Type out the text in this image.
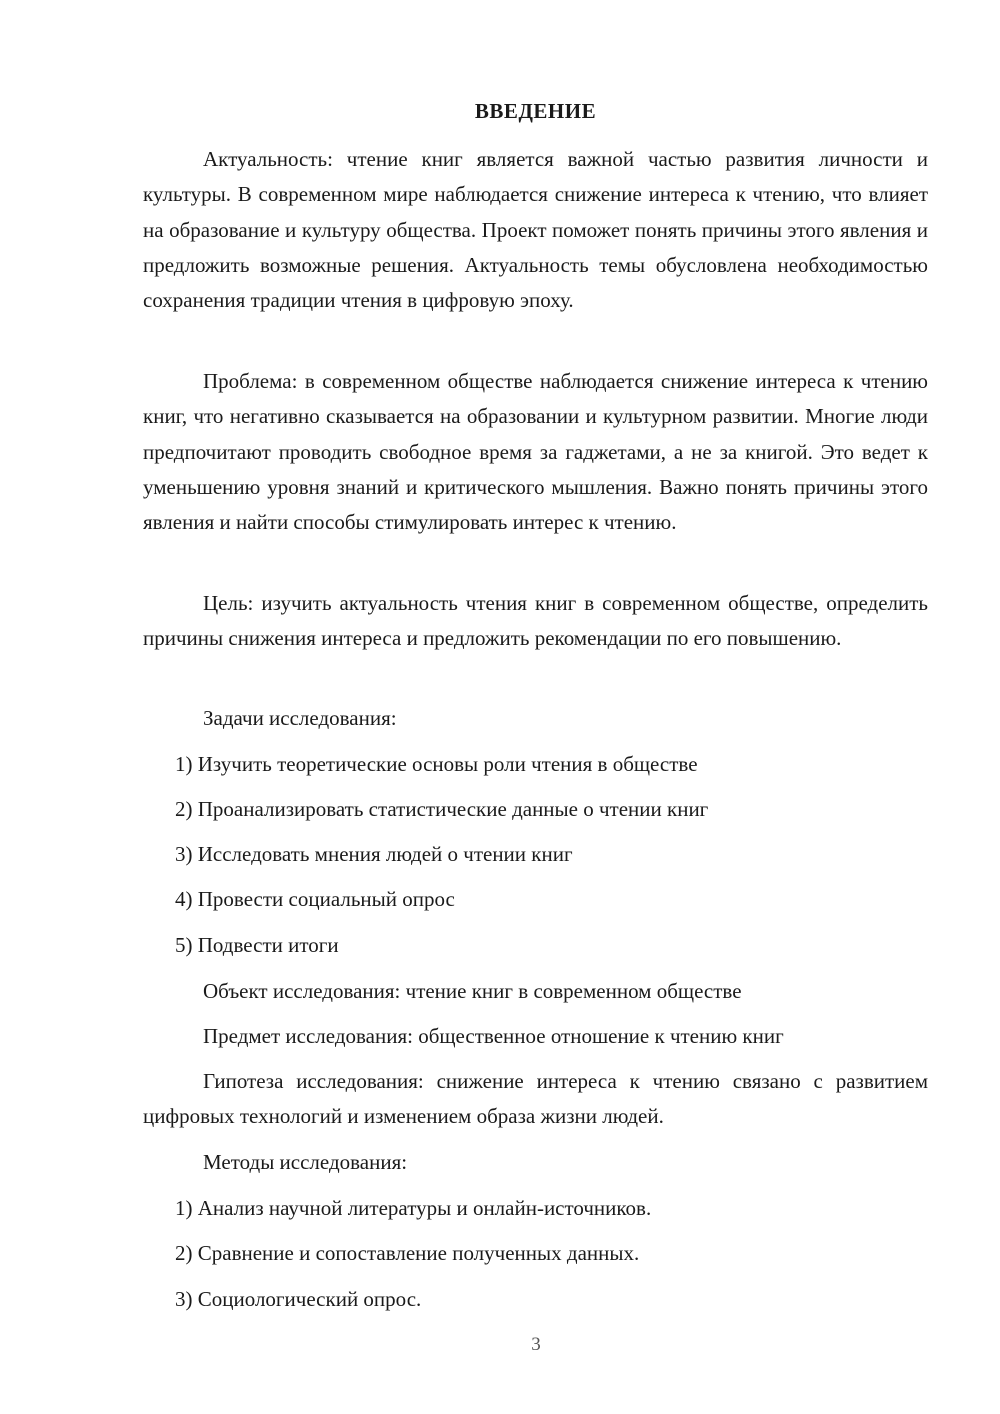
ВВЕДЕНИЕ

Актуальность: чтение книг является важной частью развития личности и культуры. В современном мире наблюдается снижение интереса к чтению, что влияет на образование и культуру общества. Проект поможет понять причины этого явления и предложить возможные решения. Актуальность темы обусловлена необходимостью сохранения традиции чтения в цифровую эпоху.

Проблема: в современном обществе наблюдается снижение интереса к чтению книг, что негативно сказывается на образовании и культурном развитии. Многие люди предпочитают проводить свободное время за гаджетами, а не за книгой. Это ведет к уменьшению уровня знаний и критического мышления. Важно понять причины этого явления и найти способы стимулировать интерес к чтению.

Цель: изучить актуальность чтения книг в современном обществе, определить причины снижения интереса и предложить рекомендации по его повышению.

Задачи исследования:

1) Изучить теоретические основы роли чтения в обществе

2) Проанализировать статистические данные о чтении книг

3) Исследовать мнения людей о чтении книг

4) Провести социальный опрос

5) Подвести итоги

Объект исследования: чтение книг в современном обществе

Предмет исследования: общественное отношение к чтению книг

Гипотеза исследования: снижение интереса к чтению связано с развитием цифровых технологий и изменением образа жизни людей.

Методы исследования:

1) Анализ научной литературы и онлайн-источников.

2) Сравнение и сопоставление полученных данных.

3) Социологический опрос.

3
